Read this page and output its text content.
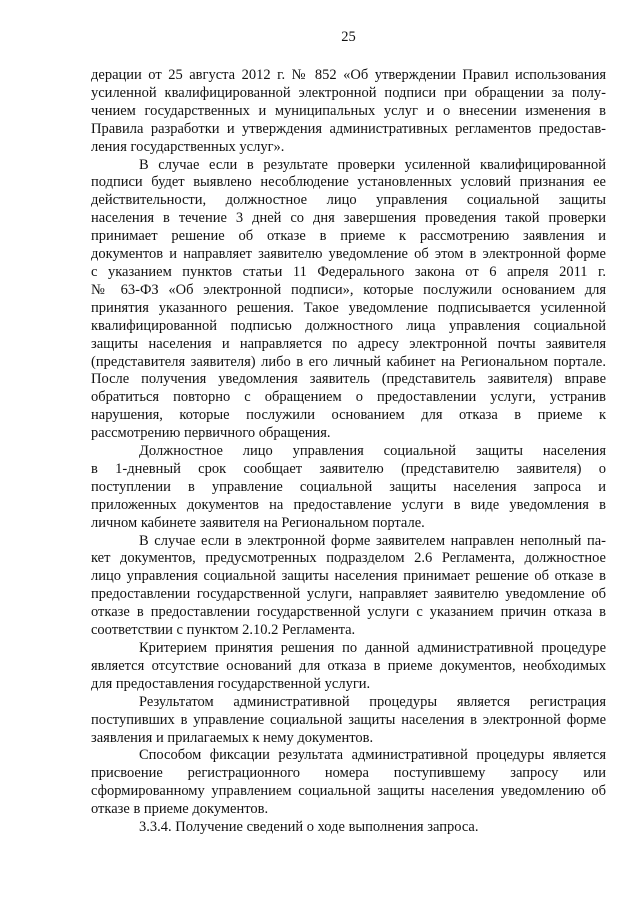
25
дерации от 25 августа 2012 г. № 852 «Об утверждении Правил использования
усиленной квалифицированной электронной подписи при обращении за полу-
чением государственных и муниципальных услуг и о внесении изменения в
Правила разработки и утверждения административных регламентов предостав-
ления государственных услуг».
В случае если в результате проверки усиленной квалифицированной
подписи будет выявлено несоблюдение установленных условий признания ее
действительности, должностное лицо управления социальной защиты
населения в течение 3 дней со дня завершения проведения такой проверки
принимает решение об отказе в приеме к рассмотрению заявления и
документов и направляет заявителю уведомление об этом в электронной форме
с указанием пунктов статьи 11 Федерального закона от 6 апреля 2011 г.
№ 63-ФЗ «Об электронной подписи», которые послужили основанием для
принятия указанного решения. Такое уведомление подписывается усиленной
квалифицированной подписью должностного лица управления социальной
защиты населения и направляется по адресу электронной почты заявителя
(представителя заявителя) либо в его личный кабинет на Региональном портале.
После получения уведомления заявитель (представитель заявителя) вправе
обратиться повторно с обращением о предоставлении услуги, устранив
нарушения, которые послужили основанием для отказа в приеме к
рассмотрению первичного обращения.
Должностное лицо управления социальной защиты населения
в 1-дневный срок сообщает заявителю (представителю заявителя) о
поступлении в управление социальной защиты населения запроса и
приложенных документов на предоставление услуги в виде уведомления в
личном кабинете заявителя на Региональном портале.
В случае если в электронной форме заявителем направлен неполный па-
кет документов, предусмотренных подразделом 2.6 Регламента, должностное
лицо управления социальной защиты населения принимает решение об отказе в
предоставлении государственной услуги, направляет заявителю уведомление об
отказе в предоставлении государственной услуги с указанием причин отказа в
соответствии с пунктом 2.10.2 Регламента.
Критерием принятия решения по данной административной процедуре
является отсутствие оснований для отказа в приеме документов, необходимых
для предоставления государственной услуги.
Результатом административной процедуры является регистрация
поступивших в управление социальной защиты населения в электронной форме
заявления и прилагаемых к нему документов.
Способом фиксации результата административной процедуры является
присвоение регистрационного номера поступившему запросу или
сформированному управлением социальной защиты населения уведомлению об
отказе в приеме документов.
3.3.4. Получение сведений о ходе выполнения запроса.
